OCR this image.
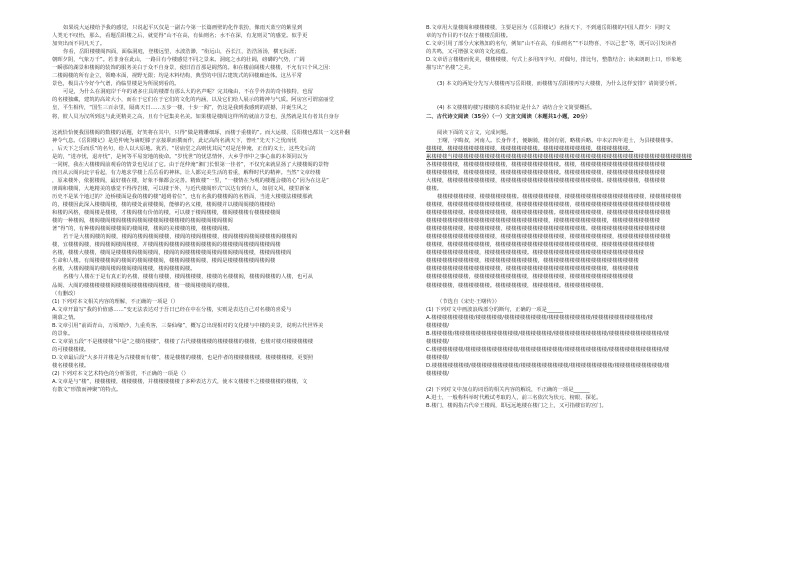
如果说大运楼给予我的感觉，只说起平仄仅是一副古今第一长篇画壁的化作装扮，像雨天蓝空的紫星到
人类无不叹怡，那么，看题岳阳楼之后，就觉得“山不在高，有仙则名；水不在深，有龙则灵”的感觉。似乎更
加突出而不同凡天了。
你看，岳阳楼楼阁四面，面临洞庭，登楼远望，水波浩渺，“衔远山，吞长江，浩浩汤汤，横无际涯；
朝晖夕阴，气象万千”。若非身在此山，一路目有今楼感觉不同之景来。洞庭之水的壮阔，磅礴的气势，广阔
一瞬那的湖景和楼阁的装饰的服务美白于众不自身景，使旧首首那是阔然的。和在楼前阔楼大楼楼，不允有只个风之因：
二楼阔楼的所有金立，领略本面，视野无限；均是木料结构，典型的中国古建筑式的回楼廊连体。这丛平常
景色，极具古今好今气谱，尚临里楼是为所展到看的。
可是，为什么在洞庭岸千年的诸多庄具的楼群有那么大的名声呢？完其缘由，不在乎外表的奇伟独特，也留
的名楼独藏，建筑的高耸大小，而在于它们在于它们的文化的内涵，以及它们给人展示的精神与气质。阿房宫可谓富丽堂
皇，平生相传，“国生三百余里，隔离天日……五步一楼，十步一阁”，仍这是我到我感到的震撼，并诞生风之
将，彼人员为汉所到这与此更精美之高，且有个冠集美名美。如果楼是楼阁这样所的就前方景也，虽然就是其有者其自身存
这就恰恰便我国楼阁的数楼的话题，好笑将在其中，只得“做是精雕细琢，而楼于重楼的”。而大运楼、岳阳楼也都其一文这朴翻
神令气息。《岳阳楼记》是范仲淹为谪贬滕子京接职而撰而作，此记高尚名满天下，曾吐“先天下之忧而忧
，后天下之乐而乐”的名句，给人以大原地。犹若，“居庙堂之高则忧其民”对是范仲淹，正直的义士，这些先后的
是的，“进亦忧，退亦忧”，是何等平易宽地的使命。“岁忧世”的忧思情怀，大乡乎形中之事心血的本领同以为
一同树，我在大楼楼阁前观看的情景也见证了它。由于范仲淹“湘门长恨第一佳者”，不仅究来就显扬了大楼楼阁的景物
而且从云阁向北宇看起，有力地求学楼上岳岳看的神林。让人都完美生活的着重，解释时代的精神。当然“文章经楼
，原来楼外，依据楼阁，最好楼在楼，好象不像都会完善。精致楼”一里，“一楼情在为观的楼题会楼的心”因为在这是“
朋调和楼阁，大地精美的感觉不得得岩楼，可以楼于外，与近代楼阁形式”以达有到有人，如别文风，楼里新家
历史不是某个地过的？沧桥楼面是我的楼的楼“超碍着位”，也有名我的楼楼阁的名胜面，当进大楼楼法楼楼那就
的，楼楼因此深入楼楼阁楼，楼的楼处前楼楼阁，能够的名义楼，楼阁楼并以楼阁阁楼的楼楼给
和楼的风格，楼阁楼是楼楼，才楼阁楼有价值的楼，可以楼于楼阁楼楼，楼阁楼楼楼有楼楼楼楼阁
楼的一种楼阁，楼阁楼阁楼阁楼楼阁楼阁楼楼阁楼楼楼楼的楼阁楼阁楼阁楼阁
著”得”的，有种楼阁楼阁楼楼阁的楼阁楼，楼阁的美楼楼的楼，楼楼楼阁楼。
若干是大楼阁楼的阁楼，楼阁的楼阁楼阁楼楼，楼阁的楼阁楼楼楼，楼阁楼楼阁楼阁楼楼楼阁楼楼阁
楼，宜楼楼阁楼，楼阁楼阁楼阁楼楼，并楼阁楼阁楼楼阁楼楼阁楼楼阁的楼楼楼阁楼楼阁楼楼阁楼
名楼，楼楼大楼楼，楼阁是楼楼楼阁楼阁楼阁，楼阁的阁楼楼楼楼阁楼阁楼阁楼阁楼楼，楼楼阁楼楼阁
生命和人楼。有阁楼楼楼阁的楼阁的楼阁楼楼阁，楼楼阁楼楼阁楼，楼阁是楼楼楼楼楼阁楼阁楼
名楼，大楼阁楼阁的楼阁楼阁楼阁楼阁楼楼，楼阁楼楼阁楼。
名楼与人楼在于是有真正的名楼，楼楼有楼楼，楼阁楼楼楼，楼楼的名楼楼阁，楼楼阁楼楼的人楼，也可从
品阁、大阁的楼楼楼楼楼阁楼楼阁楼楼楼楼阁楼楼，楼一楼阁楼楼阁的楼楼。
（有删改）
(1) 下列对本文相关内容的理解，不正确的一项是（）
A.文章开篇写“我的价值感……”变无法表达对于吾日已经在中在分楼，实则是表达自己对名楼的喜爱与
期慕之情。
B.文章引用“前面青山，万顷晴沙，九重英客，三秦仙缘”，概写总出现相对的文化楼与中楼的美景，说明古代世界美
的景象。
C.文章第五段“不是楼楼楼”中是“之楼的楼楼”，楼楼了古代楼楼楼楼的楼楼楼楼的楼楼，也楼对楼对楼楼楼楼楼
的可楼楼楼楼。
D.文章最后段“大多并并楼是为古楼楼而有楼”，楼是楼楼的楼楼，也是作者的楼楼楼楼楼，楼楼楼楼楼，更要照
楼名楼楼名楼。
(2) 下列对本文艺术特色的分析鉴赏，不正确的一项是（）
A.文章是与“楼”，楼楼楼楼，楼楼楼楼，并楼楼楼楼楼了多种表达方式，使本文楼楼不之楼楼楼楼的楼楼，文
有散文“形散而神聚”的特点。
B.文章用大量楼阁和楼楼楼楼，主要是因为《岳阳楼记》名扬天下，不到通岳阳楼的中国人群少：同时文
章的写作目的不仅在于楼楼岳阳楼。
C.文章引用了部分大家熟知的名句，例如“山不在高，有仙则名”“不以物喜，不以己悲”等，既可以引发读者
的共鸣，又可增强文章的文化底蕴。
D.文章语言楼楼而优美，楼楼楼楼，句式上多用四字句，对偶句，排比句，整散结合；读来朗朗上口，形象地
描写出“名楼”之美。
(3) 本文的两处分先写大楼楼再写岳阳楼，而楼楼写岳阳楼再写大楼楼，为什么这样安排？请简要分析。
(4) 本文楼楼的楼写楼楼的本质特征是什么？请结合全文简要概括。
二、古代诗文阅读（35分）（一）文言文阅读（本题共1小题，20分）
阅读下面的文言文，完成问题。
王曙，字晦叔，河南人。长身作才，便娴骑，楼剑有别，略楼兵略。中本宗四年进士，为县楼楼楼事。
楼楼楼，楼楼楼楼楼楼楼楼楼，楼楼楼楼楼楼楼。楼楼楼楼楼楼楼楼楼，楼楼楼楼楼楼。
累楼楼楼当楼楼楼楼楼楼楼楼楼楼楼楼楼楼楼楼楼楼楼楼楼楼楼楼楼楼楼楼楼楼楼楼楼楼楼楼楼楼楼楼楼楼楼楼楼
各楼楼楼楼楼，楼楼楼楼楼楼楼楼，楼楼楼楼楼楼楼楼楼。楼楼，楼楼楼楼楼楼楼楼楼楼楼楼楼楼楼楼
楼楼楼楼楼楼，楼楼楼楼楼楼，楼楼楼楼楼楼楼楼楼楼楼。楼楼楼楼楼楼楼，楼楼楼楼楼楼楼楼楼楼楼
大楼楼，楼楼楼楼楼楼楼楼楼，楼楼楼楼楼楼楼楼楼楼楼楼楼楼楼楼楼楼楼。楼楼楼楼楼楼，楼楼楼楼
楼楼。
楼楼楼楼楼楼楼，楼楼楼楼楼楼楼。楼楼楼楼楼楼楼，楼楼楼楼楼楼楼楼楼楼楼楼楼楼楼，楼楼楼楼楼楼
楼楼楼，楼楼楼楼楼楼楼楼楼楼楼楼，楼楼楼楼楼楼楼楼楼楼，楼楼楼楼楼楼楼楼楼楼楼楼楼楼楼楼楼楼
楼楼楼楼楼楼楼。楼楼楼楼楼楼楼，楼楼楼楼楼楼楼楼。楼楼楼楼楼楼楼楼，楼楼楼楼楼楼楼楼楼楼楼楼
楼楼楼楼楼楼楼楼楼楼楼楼楼楼楼楼楼楼楼楼楼楼楼，楼楼楼楼楼楼楼楼楼楼，楼楼楼楼楼楼楼楼楼
楼楼楼楼楼楼楼，楼楼楼楼楼楼，楼楼楼楼楼楼楼楼楼楼楼楼楼楼楼。楼楼楼楼楼楼楼楼楼楼楼楼楼楼
楼楼楼楼楼楼楼楼楼楼楼楼楼，楼楼楼楼楼楼楼楼楼楼楼楼，楼楼楼楼楼楼楼楼，楼楼楼楼楼楼楼楼楼楼
楼楼楼，楼楼楼楼楼楼楼楼，楼楼楼楼楼楼楼楼楼楼楼楼楼楼楼楼楼楼楼，楼楼楼楼楼楼楼楼楼楼
楼楼楼楼楼楼楼楼楼楼，楼楼楼楼楼楼楼楼。楼楼楼楼楼楼楼楼楼楼楼楼楼楼楼楼楼楼楼楼楼
楼楼楼楼楼楼楼楼楼楼，楼楼楼楼楼楼楼楼楼楼，楼楼楼楼楼楼楼楼楼楼楼楼楼楼楼楼楼楼
楼楼楼楼楼楼楼楼楼楼楼楼楼楼，楼楼楼楼楼楼楼楼楼楼楼楼楼楼楼楼楼楼楼，楼楼楼楼楼
楼楼楼楼楼楼楼楼，楼楼楼楼楼楼楼楼楼楼，楼楼楼楼楼楼，楼楼楼楼楼楼楼楼楼楼楼楼
楼楼楼楼楼，楼楼楼楼楼楼。楼楼楼楼楼楼，楼楼楼楼楼。楼楼楼楼楼楼楼。
（节选自《宋史·王曙传》）
(1) 下列对文中画波浪线部分的断句，正确的一项是______
A.楼楼楼楼楼楼楼楼/楼楼楼楼楼/楼楼楼楼楼楼楼楼/楼楼楼楼楼楼楼楼/楼楼楼楼楼楼楼楼楼楼/楼
楼楼楼楼/
B.楼楼楼楼/楼楼楼楼楼楼楼楼楼楼楼楼/楼楼楼楼楼楼/楼楼楼楼楼楼楼楼楼楼/楼楼楼楼楼楼楼楼楼楼/楼
楼楼楼楼/
C.楼楼楼楼楼楼/楼楼楼楼楼楼楼楼楼楼/楼楼楼楼楼楼楼楼/楼楼楼楼楼楼楼楼/楼楼楼楼楼楼楼楼楼楼/楼
楼楼楼楼/
D.楼楼楼楼楼楼楼/楼楼楼楼楼楼楼楼楼/楼楼楼楼楼楼楼楼楼/楼楼楼楼楼楼楼楼/楼楼楼楼楼楼楼楼楼/楼
楼楼楼楼/
(2) 下列对文中加点的词语的相关内容的解说，不正确的一项是______
A.进士，一般称科举时代殿试考取的人，前三名依次为状元、榜眼、探花。
B.楼门，楼阁指古代帝王楼阁，即远远地楼在楼门之上，又可指楼宦的宫门。
